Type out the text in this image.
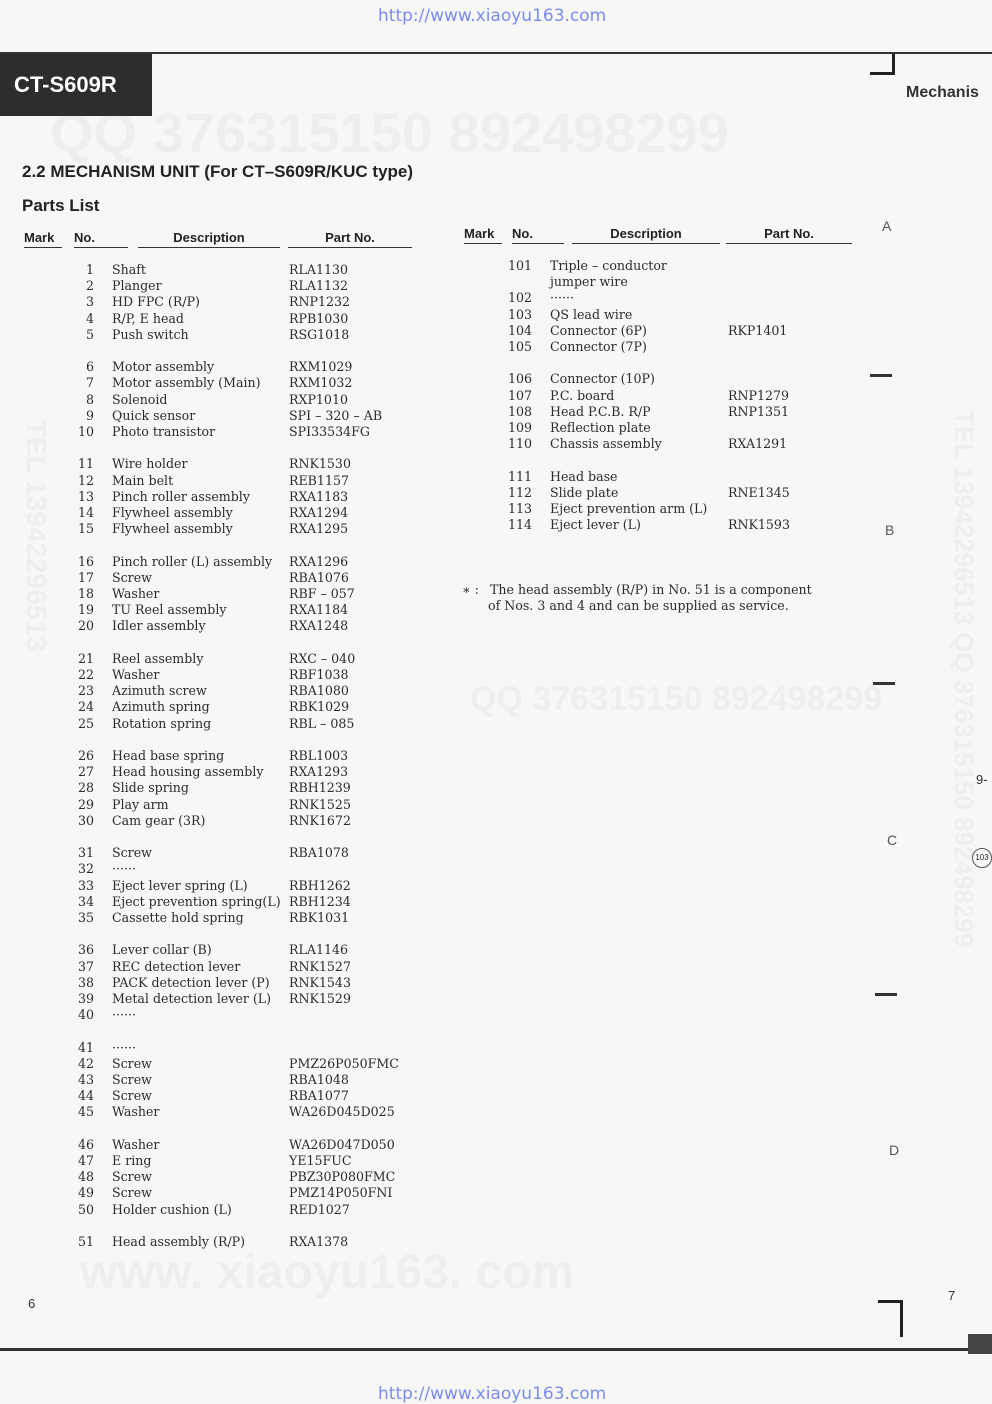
http://www.xiaoyu163.com
http://www.xiaoyu163.com
CT-S609R	Mechanis
2.2 MECHANISM UNIT (For CT–S609R/KUC type)
Parts List
Mark	No.	Description	Part No.	Mark	No.	Description	Part No.
1 Shaft	RLA1130
2 Planger	RLA1132
3 HD FPC (R/P)	RNP1232
4 R/P, E head	RPB1030
5 Push switch	RSG1018
6 Motor assembly	RXM1029
7 Motor assembly (Main) RXM1032
8 Solenoid	RXP1010
9 Quick sensor	SPI – 320 – AB
10 Photo transistor	SPI33534FG
11 Wire holder	RNK1530
12 Main belt	REB1157
13 Pinch roller assembly	RXA1183
14 Flywheel assembly	RXA1294
15 Flywheel assembly	RXA1295
16 Pinch roller (L) assembly RXA1296
17 Screw	RBA1076
18 Washer	RBF – 057
19 TU Reel assembly	RXA1184
20 Idler assembly	RXA1248
21 Reel assembly	RXC – 040
22 Washer	RBF1038
23 Azimuth screw	RBA1080
24 Azimuth spring	RBK1029
25 Rotation spring	RBL – 085
26 Head base spring	RBL1003
27 Head housing assembly RXA1293
28 Slide spring	RBH1239
29 Play arm	RNK1525
30 Cam gear (3R)	RNK1672
31 Screw	RBA1078
32 ······
33 Eject lever spring (L)	RBH1262
34 Eject prevention spring(L) RBH1234
35 Cassette hold spring	RBK1031
36 Lever collar (B)	RLA1146
37 REC detection lever	RNK1527
38 PACK detection lever (P) RNK1543
39 Metal detection lever (L) RNK1529
40 ······
41 ······
42 Screw	PMZ26P050FMC
43 Screw	RBA1048
44 Screw	RBA1077
45 Washer	WA26D045D025
46 Washer	WA26D047D050
47 E ring	YE15FUC
48 Screw	PBZ30P080FMC
49 Screw	PMZ14P050FNI
50 Holder cushion (L)	RED1027
51 Head assembly (R/P)	RXA1378
101 Triple – conductor
jumper wire
102 ······
103 QS lead wire
104 Connector (6P)	RKP1401
105 Connector (7P)
106 Connector (10P)
107 P.C. board	RNP1279
108 Head P.C.B. R/P	RNP1351
109 Reflection plate
110 Chassis assembly	RXA1291
111 Head base
112 Slide plate	RNE1345
113 Eject prevention arm (L)
114 Eject lever (L)	RNK1593
∗ : The head assembly (R/P) in No. 51 is a component
of Nos. 3 and 4 and can be supplied as service.
A
B
C
D
9-
103
6
7
